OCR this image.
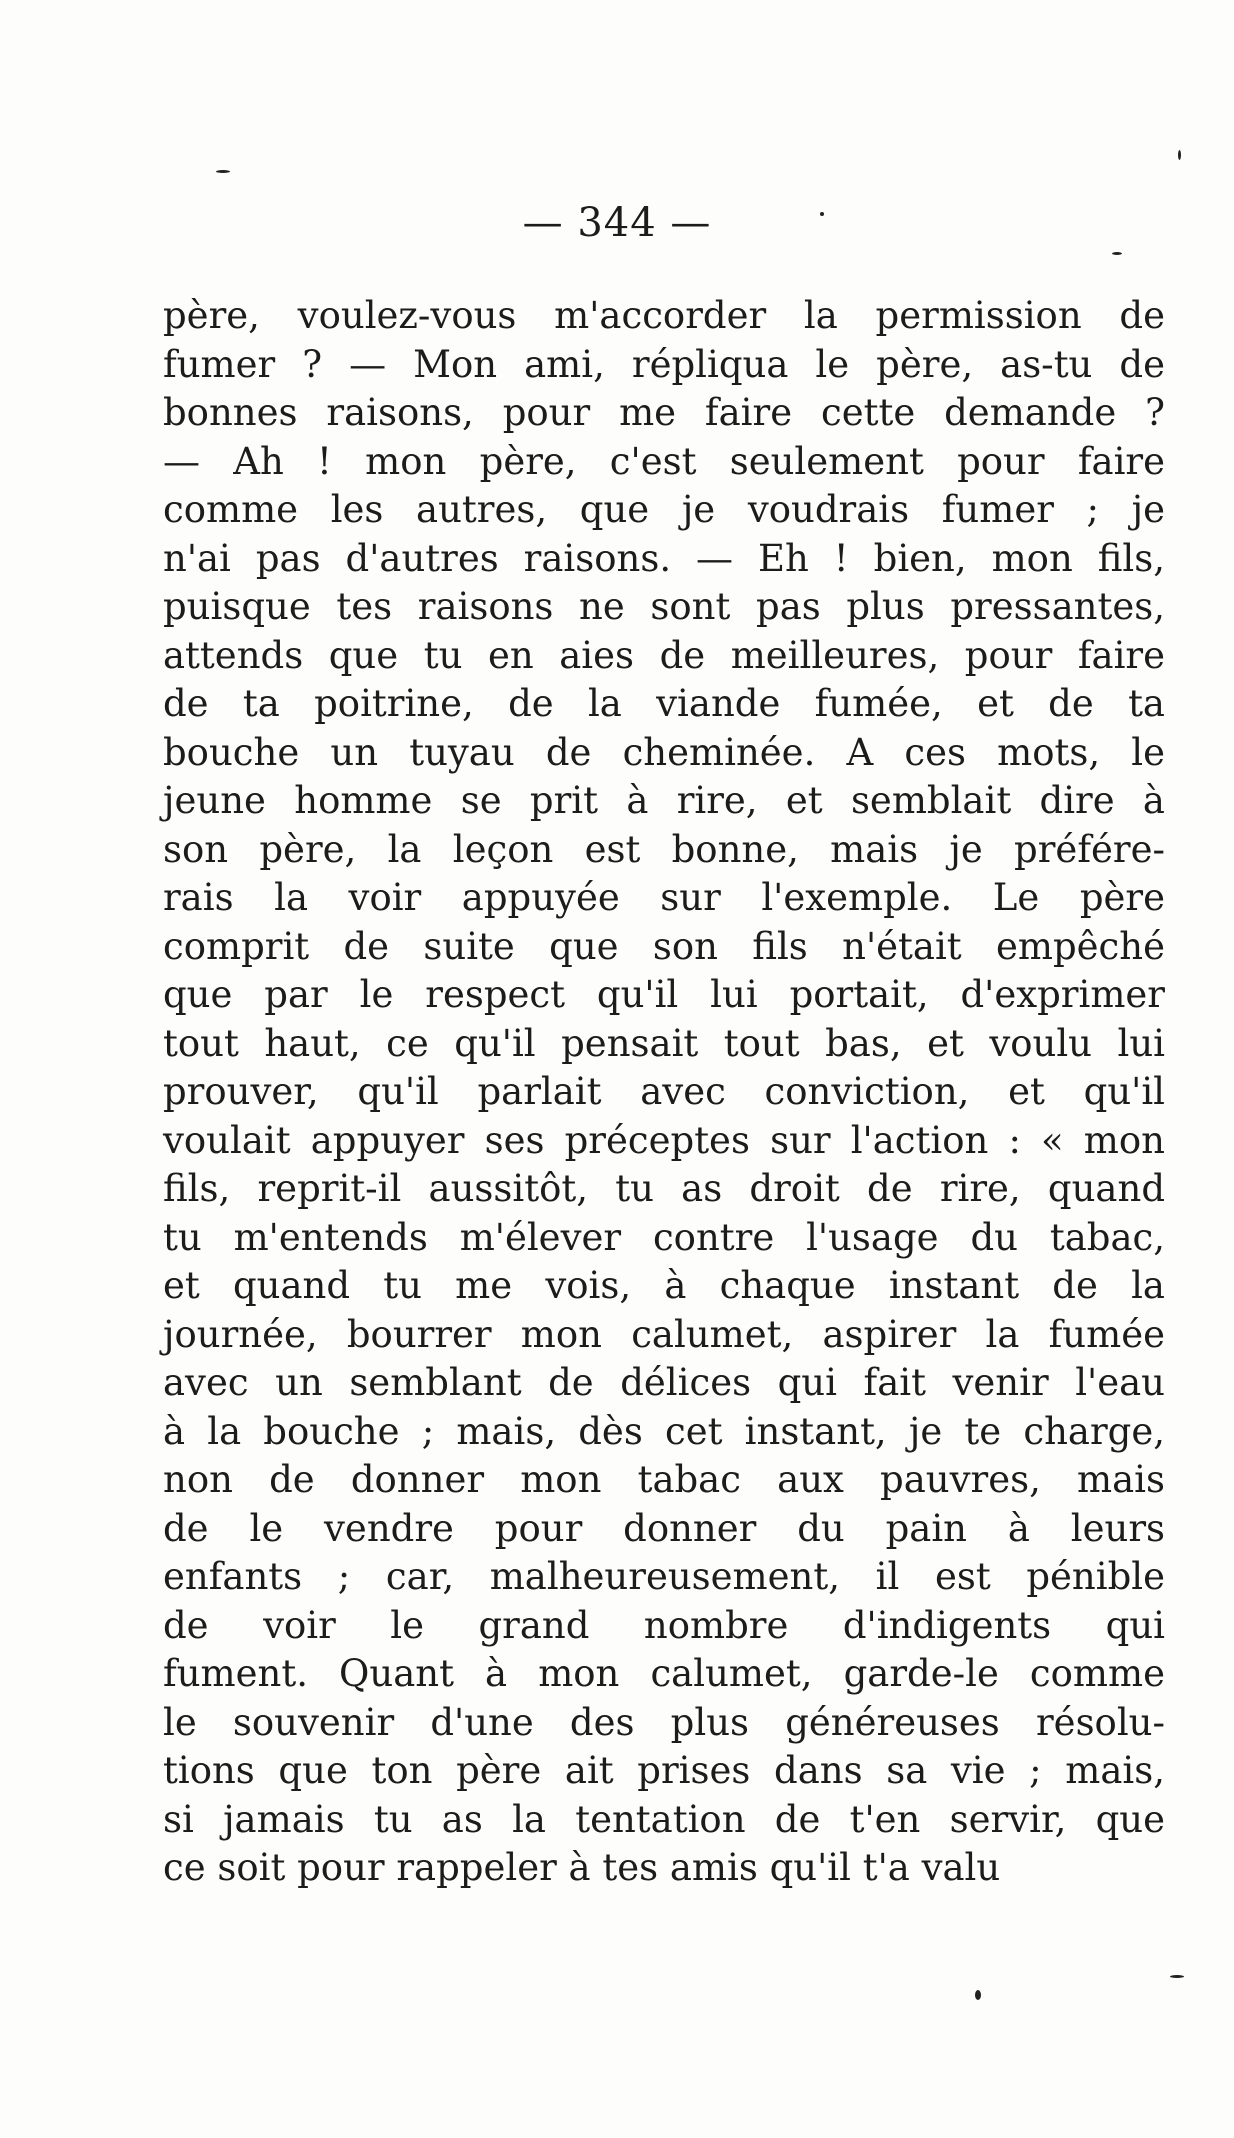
— 344 —
père, voulez-vous m'accorder la permission de
fumer ? — Mon ami, répliqua le père, as-tu de
bonnes raisons, pour me faire cette demande ?
— Ah ! mon père, c'est seulement pour faire
comme les autres, que je voudrais fumer ; je
n'ai pas d'autres raisons. — Eh ! bien, mon fils,
puisque tes raisons ne sont pas plus pressantes,
attends que tu en aies de meilleures, pour faire
de ta poitrine, de la viande fumée, et de ta
bouche un tuyau de cheminée. A ces mots, le
jeune homme se prit à rire, et semblait dire à
son père, la leçon est bonne, mais je préfére-
rais la voir appuyée sur l'exemple. Le père
comprit de suite que son fils n'était empêché
que par le respect qu'il lui portait, d'exprimer
tout haut, ce qu'il pensait tout bas, et voulu lui
prouver, qu'il parlait avec conviction, et qu'il
voulait appuyer ses préceptes sur l'action : « mon
fils, reprit-il aussitôt, tu as droit de rire, quand
tu m'entends m'élever contre l'usage du tabac,
et quand tu me vois, à chaque instant de la
journée, bourrer mon calumet, aspirer la fumée
avec un semblant de délices qui fait venir l'eau
à la bouche ; mais, dès cet instant, je te charge,
non de donner mon tabac aux pauvres, mais
de le vendre pour donner du pain à leurs
enfants ; car, malheureusement, il est pénible
de voir le grand nombre d'indigents qui
fument. Quant à mon calumet, garde-le comme
le souvenir d'une des plus généreuses résolu-
tions que ton père ait prises dans sa vie ; mais,
si jamais tu as la tentation de t'en servir, que
ce soit pour rappeler à tes amis qu'il t'a valu
